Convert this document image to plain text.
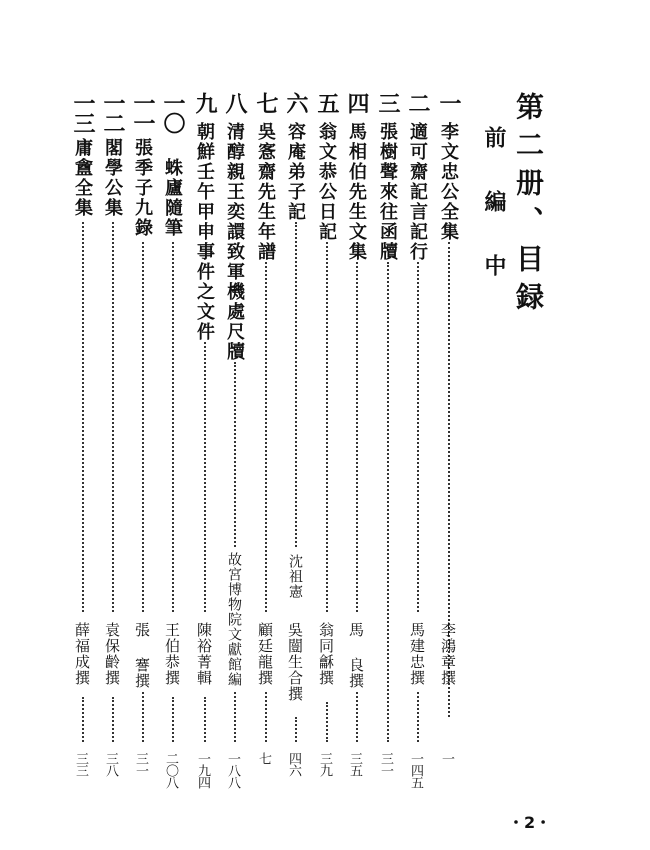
第二册、目録
前 編 中
一
李文忠公全集
李鴻章撰
一
二
適可齋記言記行
馬建忠撰
一四五
三
張樹聲來往函牘
三一
四
馬相伯先生文集
馬 良撰
三五
五
翁文恭公日記
翁同龢撰
三九
六
容庵弟子記
沈祖憲
吳闓生合撰
四六
七
吳愙齋先生年譜
顧廷龍撰
七
八
清醇親王奕譞致軍機處尺牘
故宮博物院文獻館編
一八八
九
朝鮮壬午甲申事件之文件
陳裕菁輯
一九四
一〇
蛛廬隨筆
王伯恭撰
二〇八
一一
張季子九錄
張 謇撰
三一
一二
閣學公集
袁保齡撰
三八
一三
庸盦全集
薛福成撰
三三
・2・
